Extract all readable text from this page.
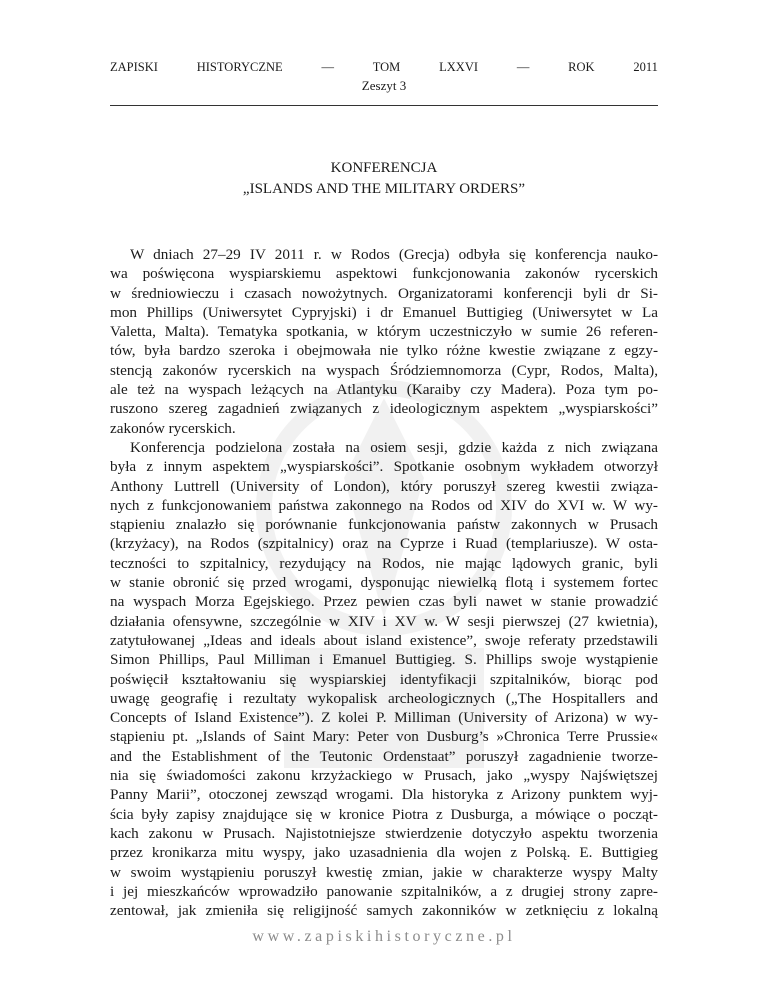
ZAPISKI	HISTORYCZNE	—	TOM	LXXVI	—	ROK	2011
Zeszyt 3
KONFERENCJA
„ISLANDS AND THE MILITARY ORDERS”
W dniach 27–29 IV 2011 r. w Rodos (Grecja) odbyła się konferencja nauko-
wa poświęcona wyspiarskiemu aspektowi funkcjonowania zakonów rycerskich
w średniowieczu i czasach nowożytnych. Organizatorami konferencji byli dr Si-
mon Phillips (Uniwersytet Cypryjski) i dr Emanuel Buttigieg (Uniwersytet w La
Valetta, Malta). Tematyka spotkania, w którym uczestniczyło w sumie 26 referen-
tów, była bardzo szeroka i obejmowała nie tylko różne kwestie związane z egzy-
stencją zakonów rycerskich na wyspach Śródziemnomorza (Cypr, Rodos, Malta),
ale też na wyspach leżących na Atlantyku (Karaiby czy Madera). Poza tym po-
ruszono szereg zagadnień związanych z ideologicznym aspektem „wyspiarskości”
zakonów rycerskich.
Konferencja podzielona została na osiem sesji, gdzie każda z nich związana
była z innym aspektem „wyspiarskości”. Spotkanie osobnym wykładem otworzył
Anthony Luttrell (University of London), który poruszył szereg kwestii związa-
nych z funkcjonowaniem państwa zakonnego na Rodos od XIV do XVI w. W wy-
stąpieniu znalazło się porównanie funkcjonowania państw zakonnych w Prusach
(krzyżacy), na Rodos (szpitalnicy) oraz na Cyprze i Ruad (templariusze). W osta-
teczności to szpitalnicy, rezydujący na Rodos, nie mając lądowych granic, byli
w stanie obronić się przed wrogami, dysponując niewielką flotą i systemem fortec
na wyspach Morza Egejskiego. Przez pewien czas byli nawet w stanie prowadzić
działania ofensywne, szczególnie w XIV i XV w. W sesji pierwszej (27 kwietnia),
zatytułowanej „Ideas and ideals about island existence”, swoje referaty przedstawili
Simon Phillips, Paul Milliman i Emanuel Buttigieg. S. Phillips swoje wystąpienie
poświęcił kształtowaniu się wyspiarskiej identyfikacji szpitalników, biorąc pod
uwagę geografię i rezultaty wykopalisk archeologicznych („The Hospitallers and
Concepts of Island Existence”). Z kolei P. Milliman (University of Arizona) w wy-
stąpieniu pt. „Islands of Saint Mary: Peter von Dusburg’s »Chronica Terre Prussie«
and the Establishment of the Teutonic Ordenstaat” poruszył zagadnienie tworze-
nia się świadomości zakonu krzyżackiego w Prusach, jako „wyspy Najświętszej
Panny Marii”, otoczonej zewsząd wrogami. Dla historyka z Arizony punktem wyj-
ścia były zapisy znajdujące się w kronice Piotra z Dusburga, a mówiące o począt-
kach zakonu w Prusach. Najistotniejsze stwierdzenie dotyczyło aspektu tworzenia
przez kronikarza mitu wyspy, jako uzasadnienia dla wojen z Polską. E. Buttigieg
w swoim wystąpieniu poruszył kwestię zmian, jakie w charakterze wyspy Malty
i jej mieszkańców wprowadziło panowanie szpitalników, a z drugiej strony zapre-
zentował, jak zmieniła się religijność samych zakonników w zetknięciu z lokalną
www.zapiskihistoryczne.pl
